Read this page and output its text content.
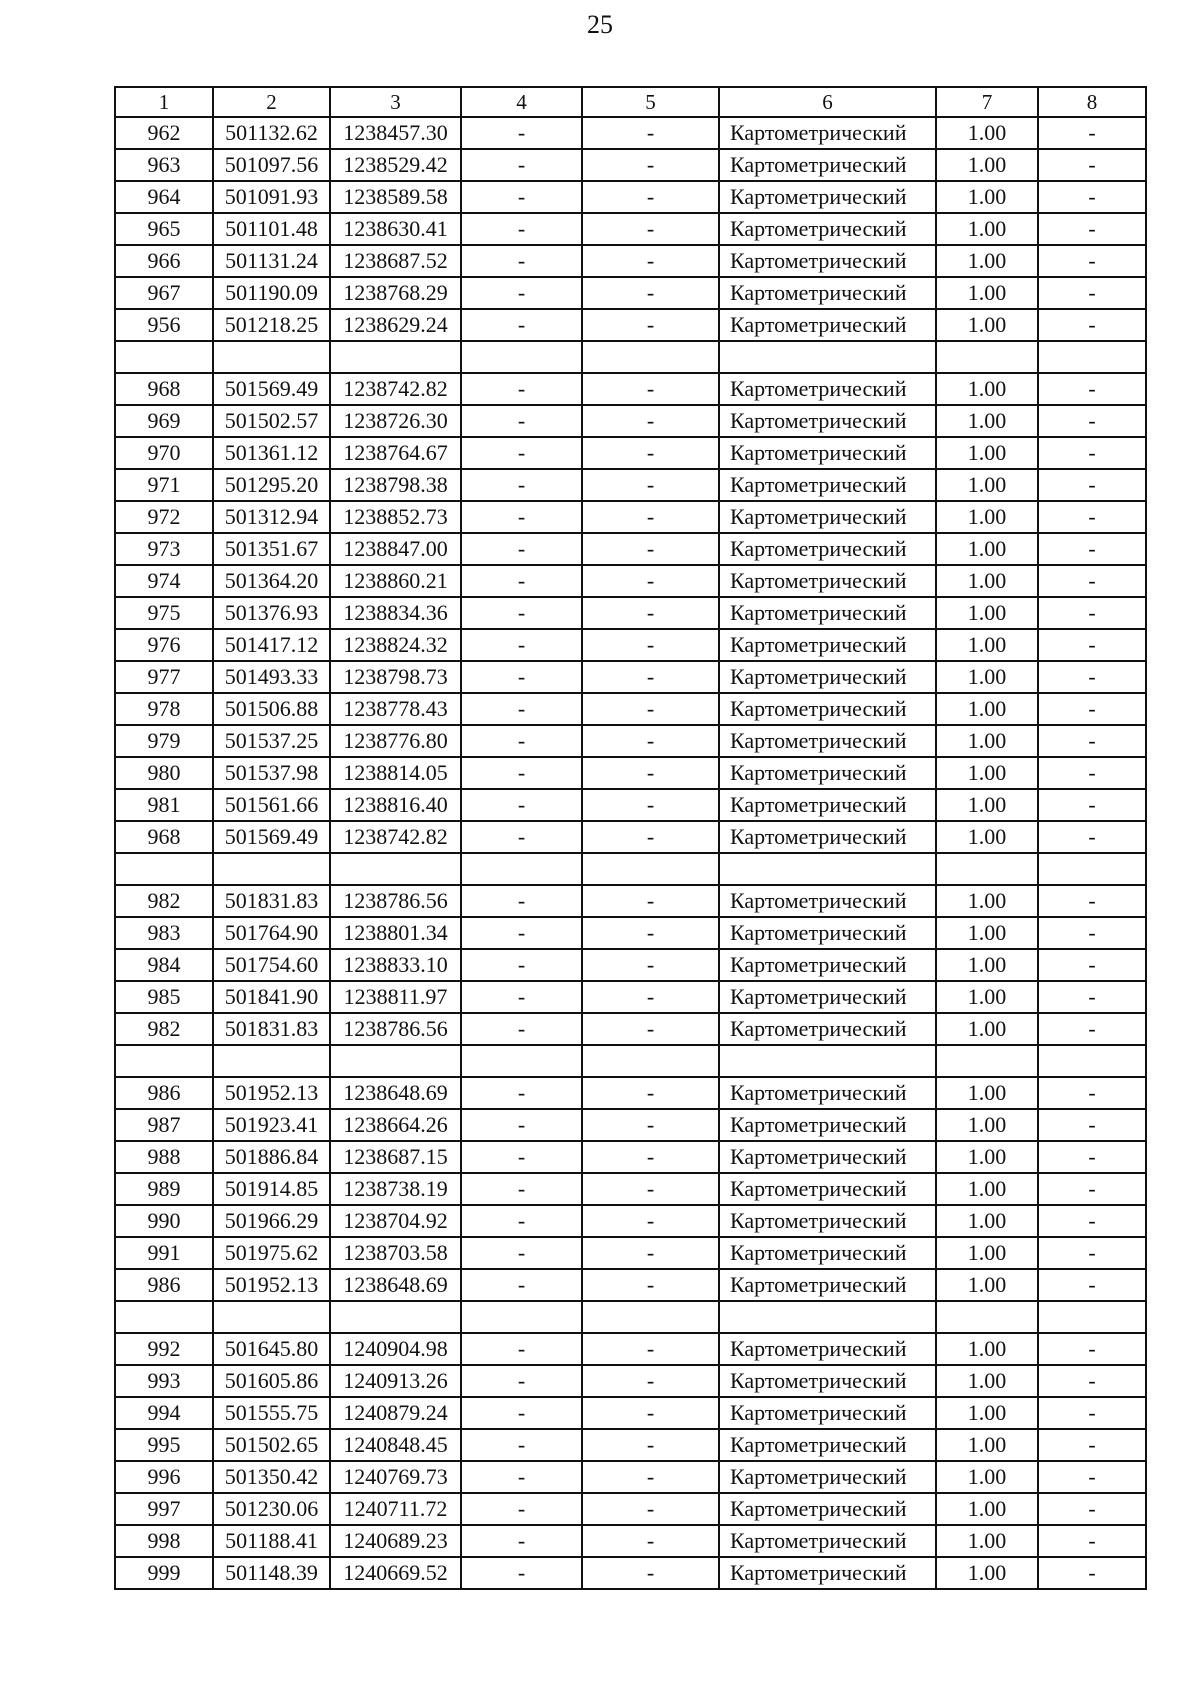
25
1	2	3	4	5	6	7	8
962	501132.62	1238457.30	-	-	Картометрический	1.00	-
963	501097.56	1238529.42	-	-	Картометрический	1.00	-
964	501091.93	1238589.58	-	-	Картометрический	1.00	-
965	501101.48	1238630.41	-	-	Картометрический	1.00	-
966	501131.24	1238687.52	-	-	Картометрический	1.00	-
967	501190.09	1238768.29	-	-	Картометрический	1.00	-
956	501218.25	1238629.24	-	-	Картометрический	1.00	-

968	501569.49	1238742.82	-	-	Картометрический	1.00	-
969	501502.57	1238726.30	-	-	Картометрический	1.00	-
970	501361.12	1238764.67	-	-	Картометрический	1.00	-
971	501295.20	1238798.38	-	-	Картометрический	1.00	-
972	501312.94	1238852.73	-	-	Картометрический	1.00	-
973	501351.67	1238847.00	-	-	Картометрический	1.00	-
974	501364.20	1238860.21	-	-	Картометрический	1.00	-
975	501376.93	1238834.36	-	-	Картометрический	1.00	-
976	501417.12	1238824.32	-	-	Картометрический	1.00	-
977	501493.33	1238798.73	-	-	Картометрический	1.00	-
978	501506.88	1238778.43	-	-	Картометрический	1.00	-
979	501537.25	1238776.80	-	-	Картометрический	1.00	-
980	501537.98	1238814.05	-	-	Картометрический	1.00	-
981	501561.66	1238816.40	-	-	Картометрический	1.00	-
968	501569.49	1238742.82	-	-	Картометрический	1.00	-

982	501831.83	1238786.56	-	-	Картометрический	1.00	-
983	501764.90	1238801.34	-	-	Картометрический	1.00	-
984	501754.60	1238833.10	-	-	Картометрический	1.00	-
985	501841.90	1238811.97	-	-	Картометрический	1.00	-
982	501831.83	1238786.56	-	-	Картометрический	1.00	-

986	501952.13	1238648.69	-	-	Картометрический	1.00	-
987	501923.41	1238664.26	-	-	Картометрический	1.00	-
988	501886.84	1238687.15	-	-	Картометрический	1.00	-
989	501914.85	1238738.19	-	-	Картометрический	1.00	-
990	501966.29	1238704.92	-	-	Картометрический	1.00	-
991	501975.62	1238703.58	-	-	Картометрический	1.00	-
986	501952.13	1238648.69	-	-	Картометрический	1.00	-

992	501645.80	1240904.98	-	-	Картометрический	1.00	-
993	501605.86	1240913.26	-	-	Картометрический	1.00	-
994	501555.75	1240879.24	-	-	Картометрический	1.00	-
995	501502.65	1240848.45	-	-	Картометрический	1.00	-
996	501350.42	1240769.73	-	-	Картометрический	1.00	-
997	501230.06	1240711.72	-	-	Картометрический	1.00	-
998	501188.41	1240689.23	-	-	Картометрический	1.00	-
999	501148.39	1240669.52	-	-	Картометрический	1.00	-
